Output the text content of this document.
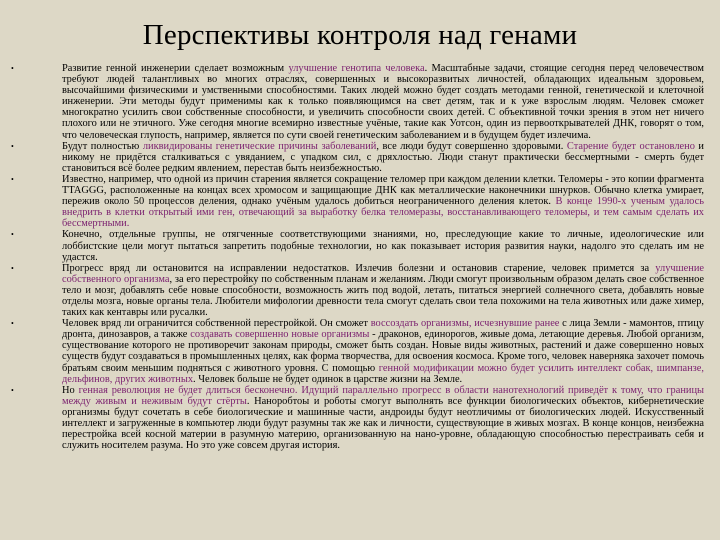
Перспективы контроля над генами
•	Развитие генной инженерии сделает возможным улучшение генотипа человека. Масштабные задачи, стоящие сегодня перед человечеством требуют людей талантливых во многих отраслях, совершенных и высокоразвитых личностей, обладающих идеальным здоровьем, высочайшими физическими и умственными способностями. Таких людей можно будет создать методами генной, генетической и клеточной инженерии. Эти методы будут применимы как к только появляющимся на свет детям, так и к уже взрослым людям. Человек сможет многократно усилить свои собственные способности, и увеличить способности своих детей. С объективной точки зрения в этом нет ничего плохого или не этичного. Уже сегодня многие всемирно известные учёные, такие как Уотсон, один из первооткрывателей ДНК, говорят о том, что человеческая глупость, например, является по сути своей генетическим заболеванием и в будущем будет излечима.
•	Будут полностью ликвидированы генетические причины заболеваний, все люди будут совершенно здоровыми. Старение будет остановлено и никому не придётся сталкиваться с увяданием, с упадком сил, с дряхлостью. Люди станут практически бессмертными - смерть будет становиться всё более редким явлением, перестав быть неизбежностью.
•	Известно, например, что одной из причин старения является сокращение теломер при каждом делении клетки. Теломеры - это копии фрагмента TTAGGG, расположенные на концах всех хромосом и защищающие ДНК как металлические наконечники шнурков. Обычно клетка умирает, пережив около 50 процессов деления, однако учёным удалось добиться неограниченного деления клеток. В конце 1990-х ученым удалось внедрить в клетки открытый ими ген, отвечающий за выработку белка теломеразы, восстанавливающего теломеры, и тем самым сделать их бессмертными.
•	Конечно, отдельные группы, не отягченные соответствующими знаниями, но, преследующие какие то личные, идеологические или лоббистские цели могут пытаться запретить подобные технологии, но как показывает история развития науки, надолго это сделать им не удастся.
•	Прогресс вряд ли остановится на исправлении недостатков. Излечив болезни и остановив старение, человек примется за улучшение собственного организма, за его перестройку по собственным планам и желаниям. Люди смогут произвольным образом делать свое собственное тело и мозг, добавлять себе новые способности, возможность жить под водой, летать, питаться энергией солнечного света, добавлять новые отделы мозга, новые органы тела. Любители мифологии древности тела смогут сделать свои тела похожими на тела животных или даже химер, таких как кентавры или русалки.
•	Человек вряд ли ограничится собственной перестройкой. Он сможет воссоздать организмы, исчезнувшие ранее с лица Земли - мамонтов, птицу дронта, динозавров, а также создавать совершенно новые организмы - драконов, единорогов, живые дома, летающие деревья. Любой организм, существование которого не противоречит законам природы, сможет быть создан. Новые виды животных, растений и даже совершенно новых существ будут создаваться в промышленных целях, как форма творчества, для освоения космоса. Кроме того, человек наверняка захочет помочь братьям своим меньшим подняться с животного уровня. С помощью генной модификации можно будет усилить интеллект собак, шимпанзе, дельфинов, других животных. Человек больше не будет одинок в царстве жизни на Земле.
•	Но генная революция не будет длиться бесконечно. Идущий параллельно прогресс в области нанотехнологий приведёт к тому, что границы между живым и неживым будут стёрты. Наноробтоы и роботы смогут выполнять все функции биологических объектов, кибернетические организмы будут сочетать в себе биологические и машинные части, андроиды будут неотличимы от биологических людей. Искусственный интеллект и загруженные в компьютер люди будут разумны так же как и личности, существующие в живых мозгах. В конце концов, неизбежна перестройка всей косной материи в разумную материю, организованную на нано-уровне, обладающую способностью перестраивать себя и служить носителем разума. Но это уже совсем другая история.
